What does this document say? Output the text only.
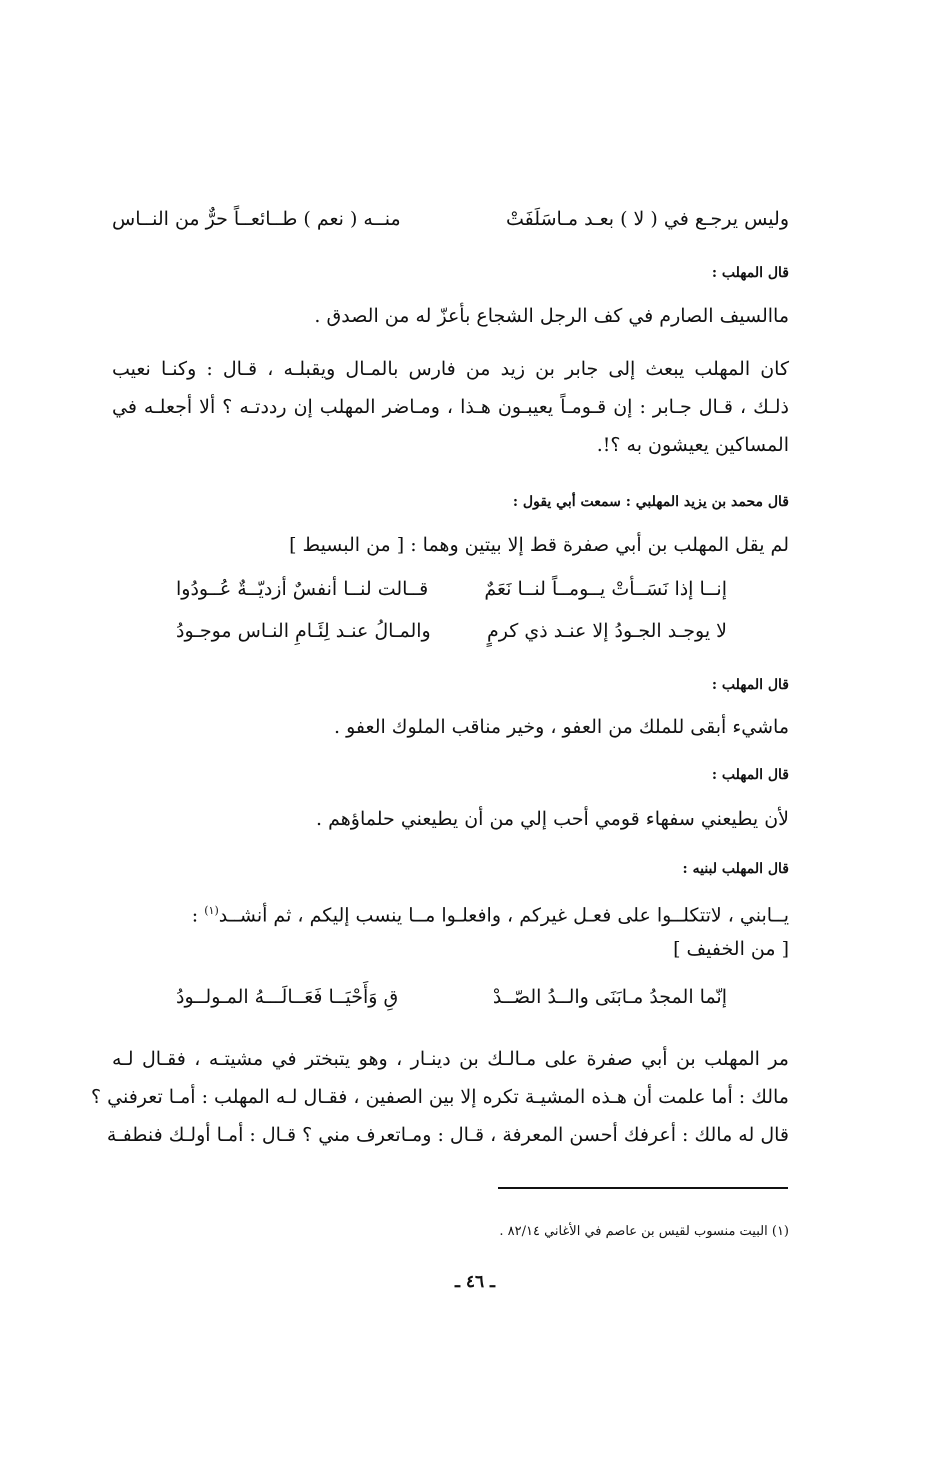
وليس يرجـع في ( لا ) بعـد مـاسَلَفَتْ
منــه ( نعم ) طــائعــاً حرٌّ من النــاس
قال المهلب :
ماالسيف الصارم في كف الرجل الشجاع بأعزّ له من الصدق .
كان المهلب يبعث إلى جابر بن زيد من فارس بالمـال ويقبلـه ، قـال : وكنـا نعيب
ذلـك ، قـال جـابر : إن قـومـاً يعيبـون هـذا ، ومـاضر المهلب إن رددتـه ؟ ألا أجعلـه في
المساكين يعيشون به ؟!.
قال محمد بن يزيد المهلبي : سمعت أبي يقول :
لم يقل المهلب بن أبي صفرة قط إلا بيتين وهما : [ من البسيط ]
إنــا إذا نَسَــأتْ يــومــاً لنــا نَعَمٌ
قــالت لنــا أنفسٌ أزديّــةٌ عُــودُوا
لا يوجـد الجـودُ إلا عنـد ذي كرمٍ
والمـالُ عنـد لِئَـامِ النـاس موجـودُ
قال المهلب :
ماشيء أبقى للملك من العفو ، وخير مناقب الملوك العفو .
قال المهلب :
لأن يطيعني سفهاء قومي أحب إلي من أن يطيعني حلماؤهم .
قال المهلب لبنيه :
يــابني ، لاتتكلــوا على فعـل غيركم ، وافعلـوا مــا ينسب إليكم ، ثم أنشــد$^{(١)}$ :
[ من الخفيف ]
إنّما المجدُ مـابَنَى والــدُ الصّــدْ
قِ وَأَحْيَــا فَعَــالَـــهُ المـولــودُ
مر المهلب بن أبي صفرة على مـالـك بن دينـار ، وهو يتبختر في مشيتـه ، فقـال لـه
مالك : أما علمت أن هـذه المشيـة تكره إلا بين الصفين ، فقـال لـه المهلب : أمـا تعرفني ؟
قال له مالك : أعرفك أحسن المعرفة ، قـال : ومـاتعرف مني ؟ قـال : أمـا أولـك فنطفـة
(١) البيت منسوب لقيس بن عاصم في الأغاني ٨٢/١٤ .
ـ ٤٦ ـ
